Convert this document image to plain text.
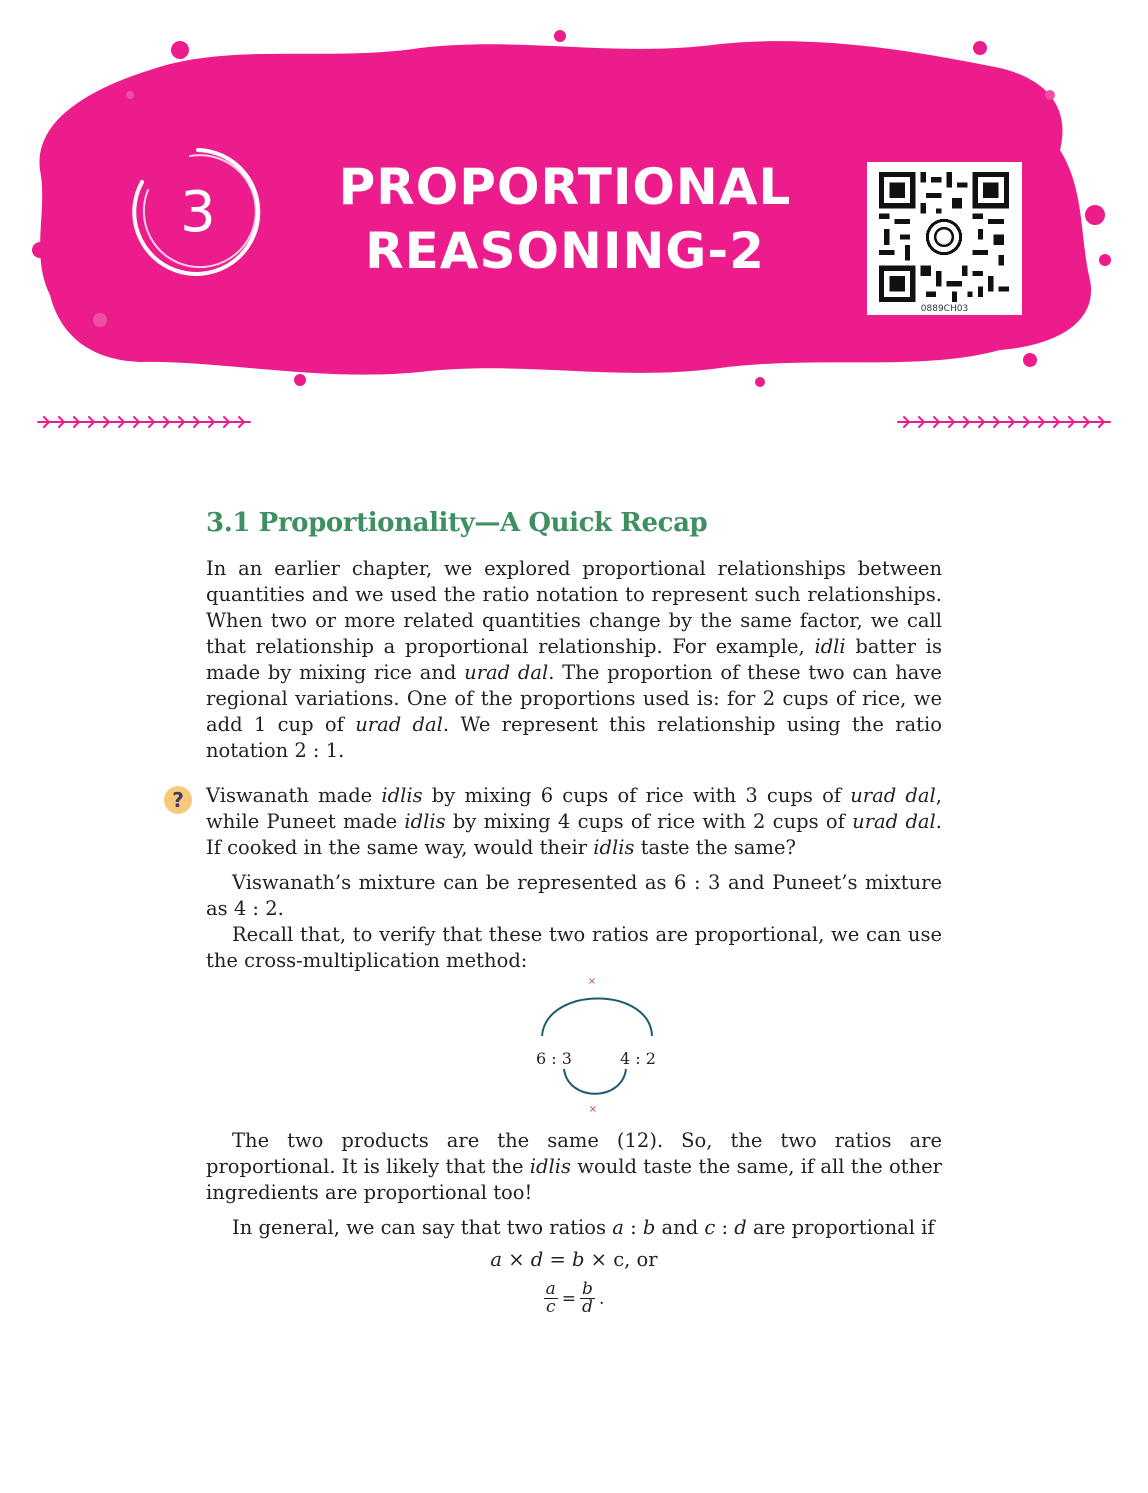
3	PROPORTIONAL
REASONING-2
0889CH03
3.1 Proportionality—A Quick Recap

In an earlier chapter, we explored proportional relationships between quantities and we used the ratio notation to represent such relationships. When two or more related quantities change by the same factor, we call that relationship a proportional relationship. For example, idli batter is made by mixing rice and urad dal. The proportion of these two can have regional variations. One of the proportions used is: for 2 cups of rice, we add 1 cup of urad dal. We represent this relationship using the ratio notation 2 : 1.

? Viswanath made idlis by mixing 6 cups of rice with 3 cups of urad dal, while Puneet made idlis by mixing 4 cups of rice with 2 cups of urad dal. If cooked in the same way, would their idlis taste the same?

Viswanath’s mixture can be represented as 6 : 3 and Puneet’s mixture as 4 : 2.

Recall that, to verify that these two ratios are proportional, we can use the cross-multiplication method:

×
×
6 : 3	4 : 2

The two products are the same (12). So, the two ratios are proportional. It is likely that the idlis would taste the same, if all the other ingredients are proportional too!

In general, we can say that two ratios a : b and c : d are proportional if

a × d = b × c, or
$\frac{a}{c} = \frac{b}{d}$ .
